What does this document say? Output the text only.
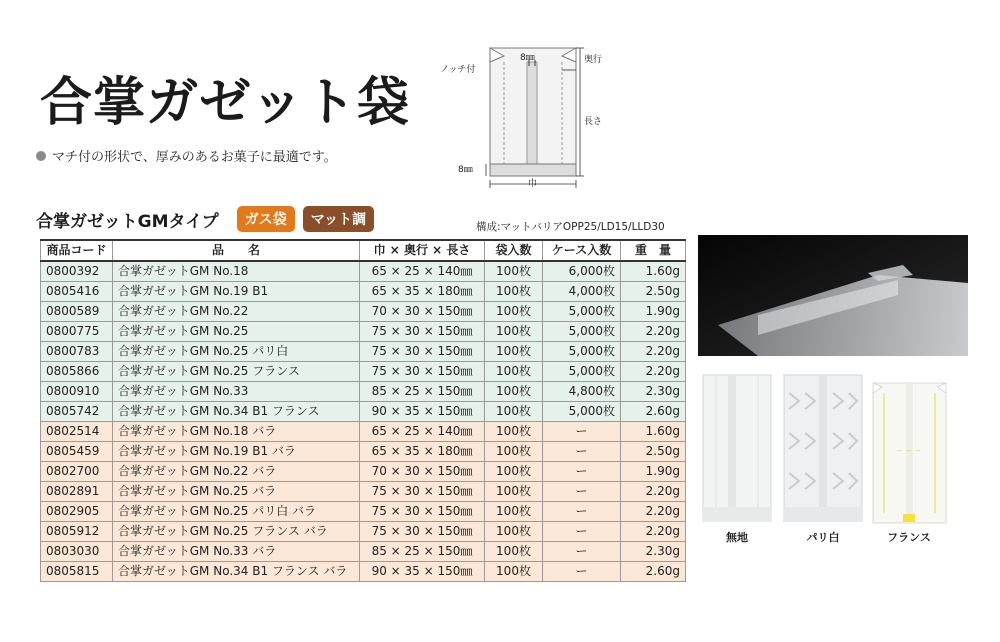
合掌ガゼット袋
マチ付の形状で、厚みのあるお菓子に最適です。
ノッチ付
8㎜	奥行
長さ
8㎜
巾
合掌ガゼットGMタイプ	ガス袋	マット調	構成:マットバリアOPP25/LD15/LLD30
商品コード	品　　名	巾 × 奥行 × 長さ	袋入数	ケース入数	重　量
0800392	合掌ガゼットGM No.18	65 × 25 × 140㎜	100枚	6,000枚	1.60g
0805416	合掌ガゼットGM No.19 B1	65 × 35 × 180㎜	100枚	4,000枚	2.50g
0800589	合掌ガゼットGM No.22	70 × 30 × 150㎜	100枚	5,000枚	1.90g
0800775	合掌ガゼットGM No.25	75 × 30 × 150㎜	100枚	5,000枚	2.20g
0800783	合掌ガゼットGM No.25 パリ白	75 × 30 × 150㎜	100枚	5,000枚	2.20g
0805866	合掌ガゼットGM No.25 フランス	75 × 30 × 150㎜	100枚	5,000枚	2.20g
0800910	合掌ガゼットGM No.33	85 × 25 × 150㎜	100枚	4,800枚	2.30g
0805742	合掌ガゼットGM No.34 B1 フランス	90 × 35 × 150㎜	100枚	5,000枚	2.60g
0802514	合掌ガゼットGM No.18 バラ	65 × 25 × 140㎜	100枚	ー	1.60g
0805459	合掌ガゼットGM No.19 B1 バラ	65 × 35 × 180㎜	100枚	ー	2.50g
0802700	合掌ガゼットGM No.22 バラ	70 × 30 × 150㎜	100枚	ー	1.90g
0802891	合掌ガゼットGM No.25 バラ	75 × 30 × 150㎜	100枚	ー	2.20g
0802905	合掌ガゼットGM No.25 パリ白 バラ	75 × 30 × 150㎜	100枚	ー	2.20g
0805912	合掌ガゼットGM No.25 フランス バラ	75 × 30 × 150㎜	100枚	ー	2.20g
0803030	合掌ガゼットGM No.33 バラ	85 × 25 × 150㎜	100枚	ー	2.30g
0805815	合掌ガゼットGM No.34 B1 フランス バラ	90 × 35 × 150㎜	100枚	ー	2.60g
~ ~ ~
無地	パリ白	フランス
